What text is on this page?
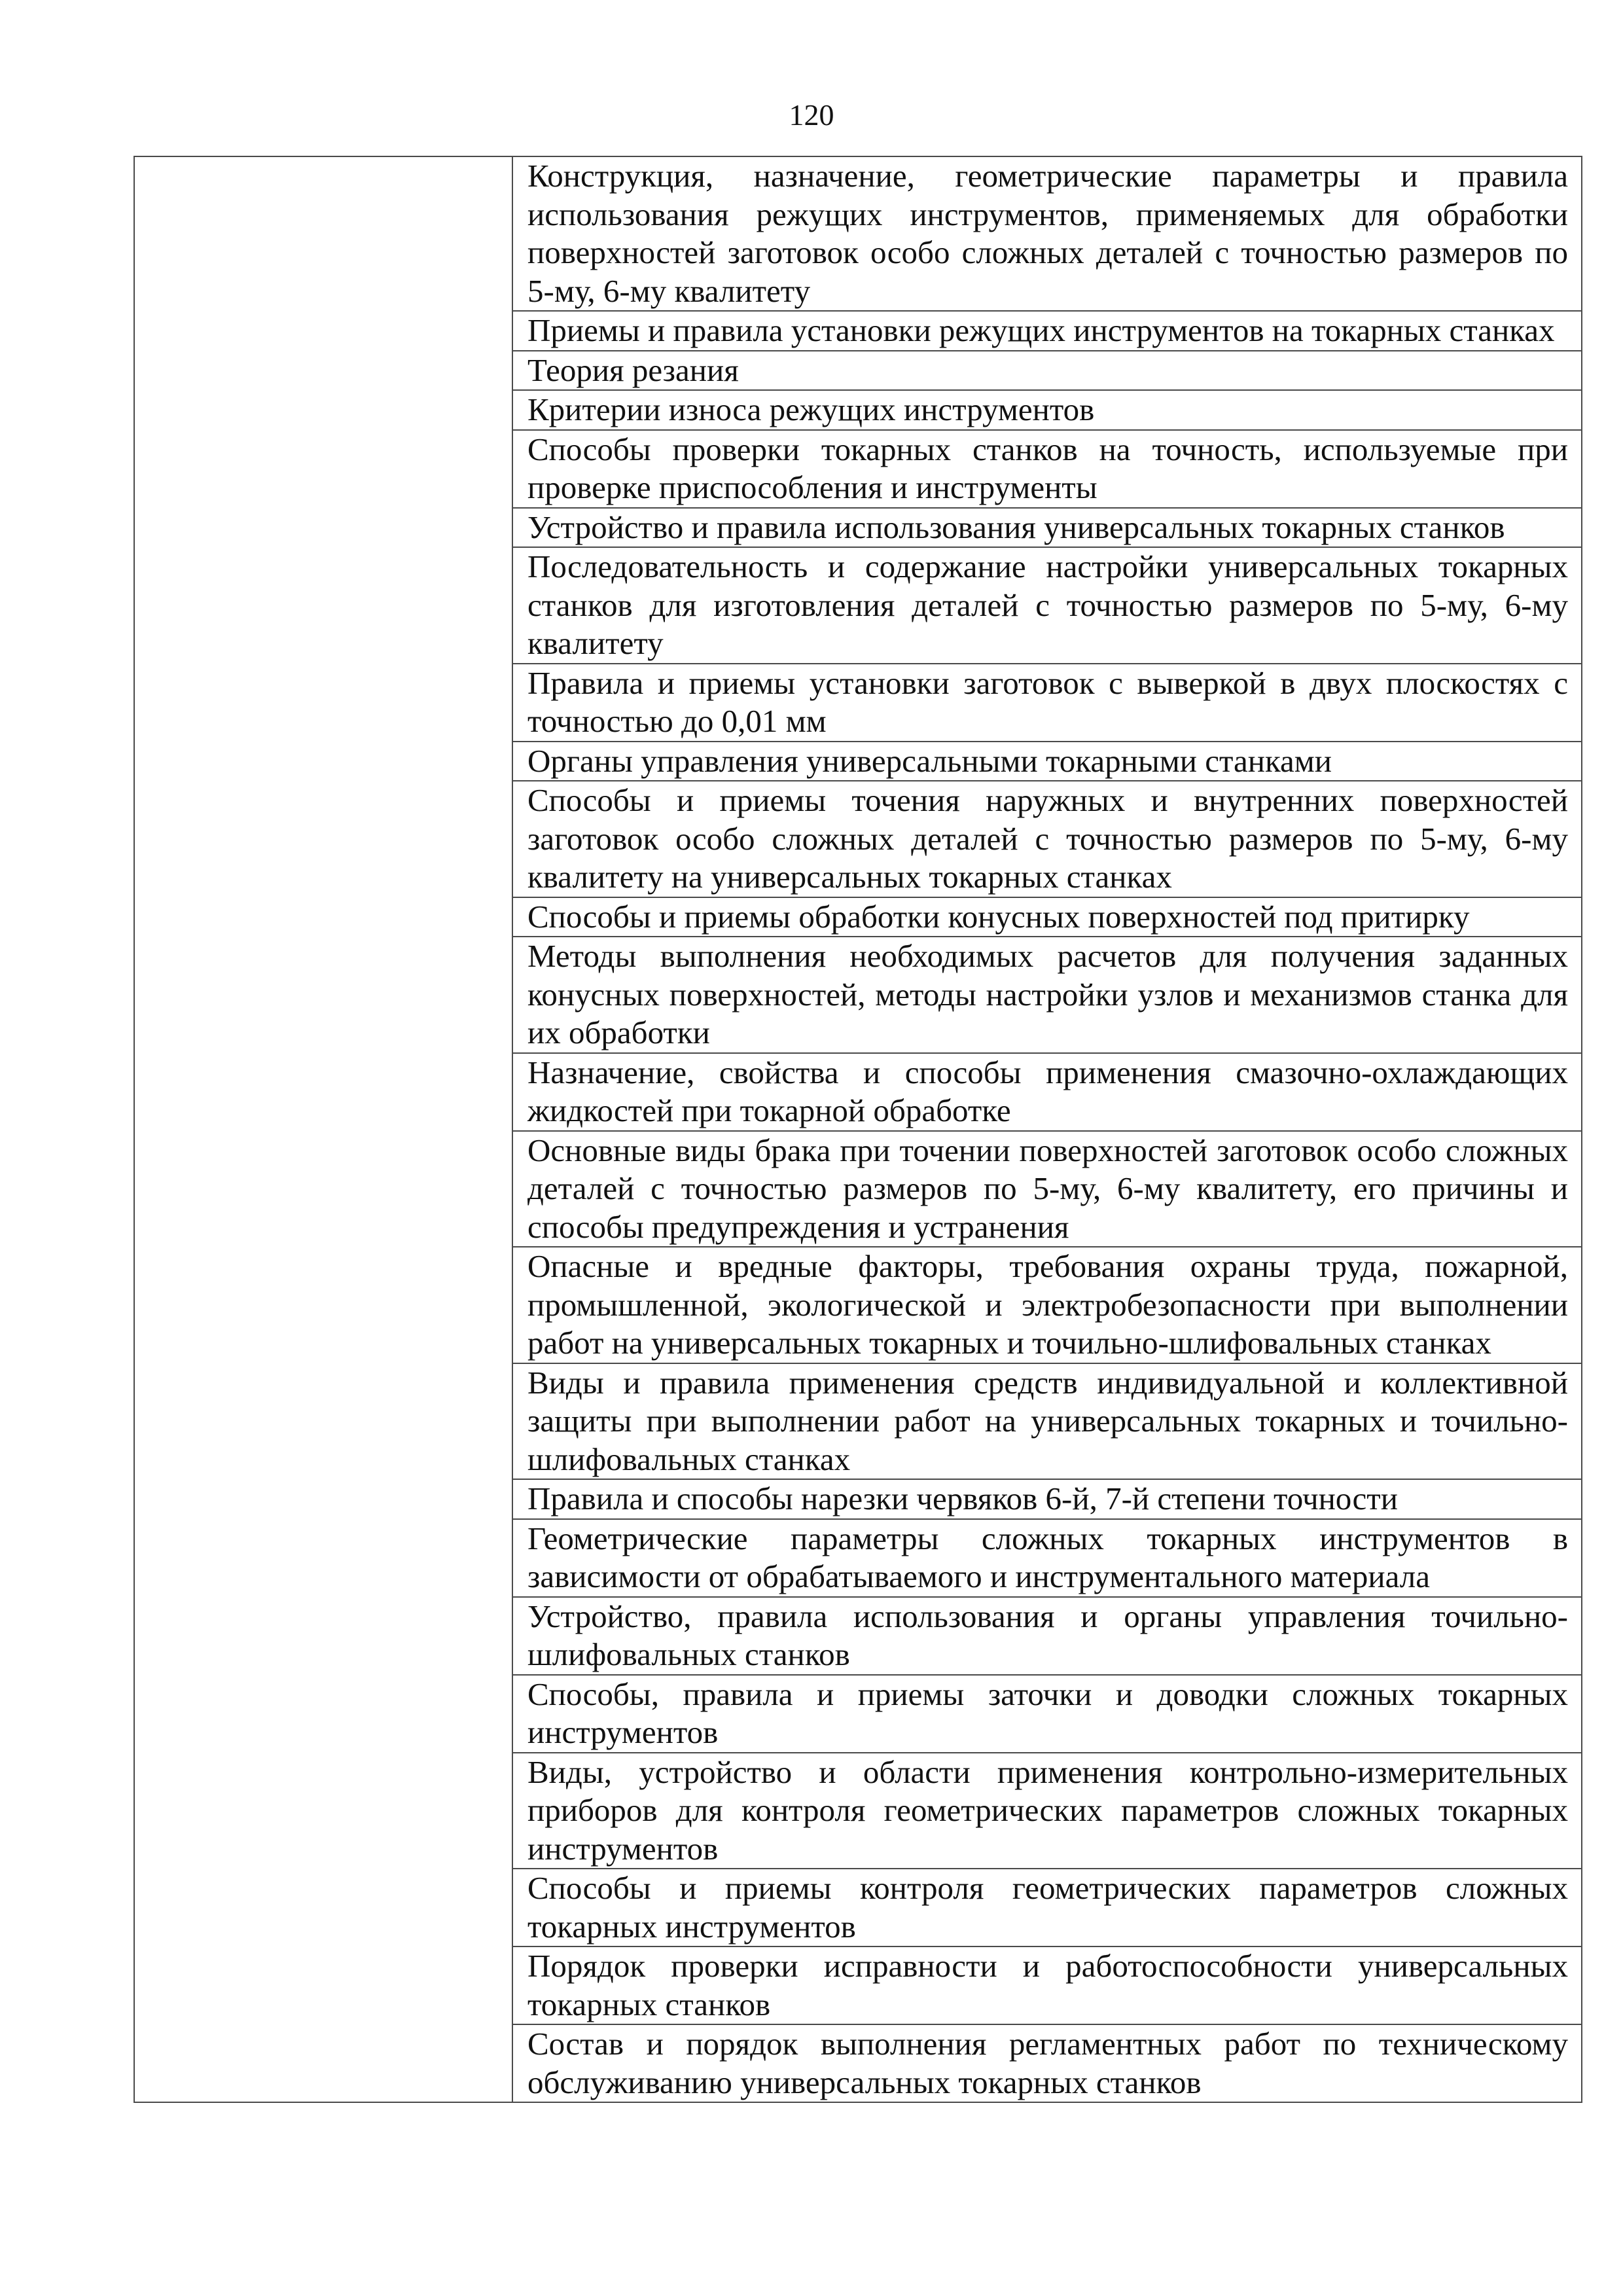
120
	Конструкция, назначение, геометрические параметры и правила использования режущих инструментов, применяемых для обработки поверхностей заготовок особо сложных деталей с точностью размеров по 5-му, 6-му квалитету
Приемы и правила установки режущих инструментов на токарных станках
Теория резания
Критерии износа режущих инструментов
Способы проверки токарных станков на точность, используемые при проверке приспособления и инструменты
Устройство и правила использования универсальных токарных станков
Последовательность и содержание настройки универсальных токарных станков для изготовления деталей с точностью размеров по 5-му, 6-му квалитету
Правила и приемы установки заготовок с выверкой в двух плоскостях с точностью до 0,01 мм
Органы управления универсальными токарными станками
Способы и приемы точения наружных и внутренних поверхностей заготовок особо сложных деталей с точностью размеров по 5-му, 6-му квалитету на универсальных токарных станках
Способы и приемы обработки конусных поверхностей под притирку
Методы выполнения необходимых расчетов для получения заданных конусных поверхностей, методы настройки узлов и механизмов станка для их обработки
Назначение, свойства и способы применения смазочно-охлаждающих жидкостей при токарной обработке
Основные виды брака при точении поверхностей заготовок особо сложных деталей с точностью размеров по 5-му, 6-му квалитету, его причины и способы предупреждения и устранения
Опасные и вредные факторы, требования охраны труда, пожарной, промышленной, экологической и электробезопасности при выполнении работ на универсальных токарных и точильно-шлифовальных станках
Виды и правила применения средств индивидуальной и коллективной защиты при выполнении работ на универсальных токарных и точильно-шлифовальных станках
Правила и способы нарезки червяков 6-й, 7-й степени точности
Геометрические параметры сложных токарных инструментов в зависимости от обрабатываемого и инструментального материала
Устройство, правила использования и органы управления точильно-шлифовальных станков
Способы, правила и приемы заточки и доводки сложных токарных инструментов
Виды, устройство и области применения контрольно-измерительных приборов для контроля геометрических параметров сложных токарных инструментов
Способы и приемы контроля геометрических параметров сложных токарных инструментов
Порядок проверки исправности и работоспособности универсальных токарных станков
Состав и порядок выполнения регламентных работ по техническому обслуживанию универсальных токарных станков
